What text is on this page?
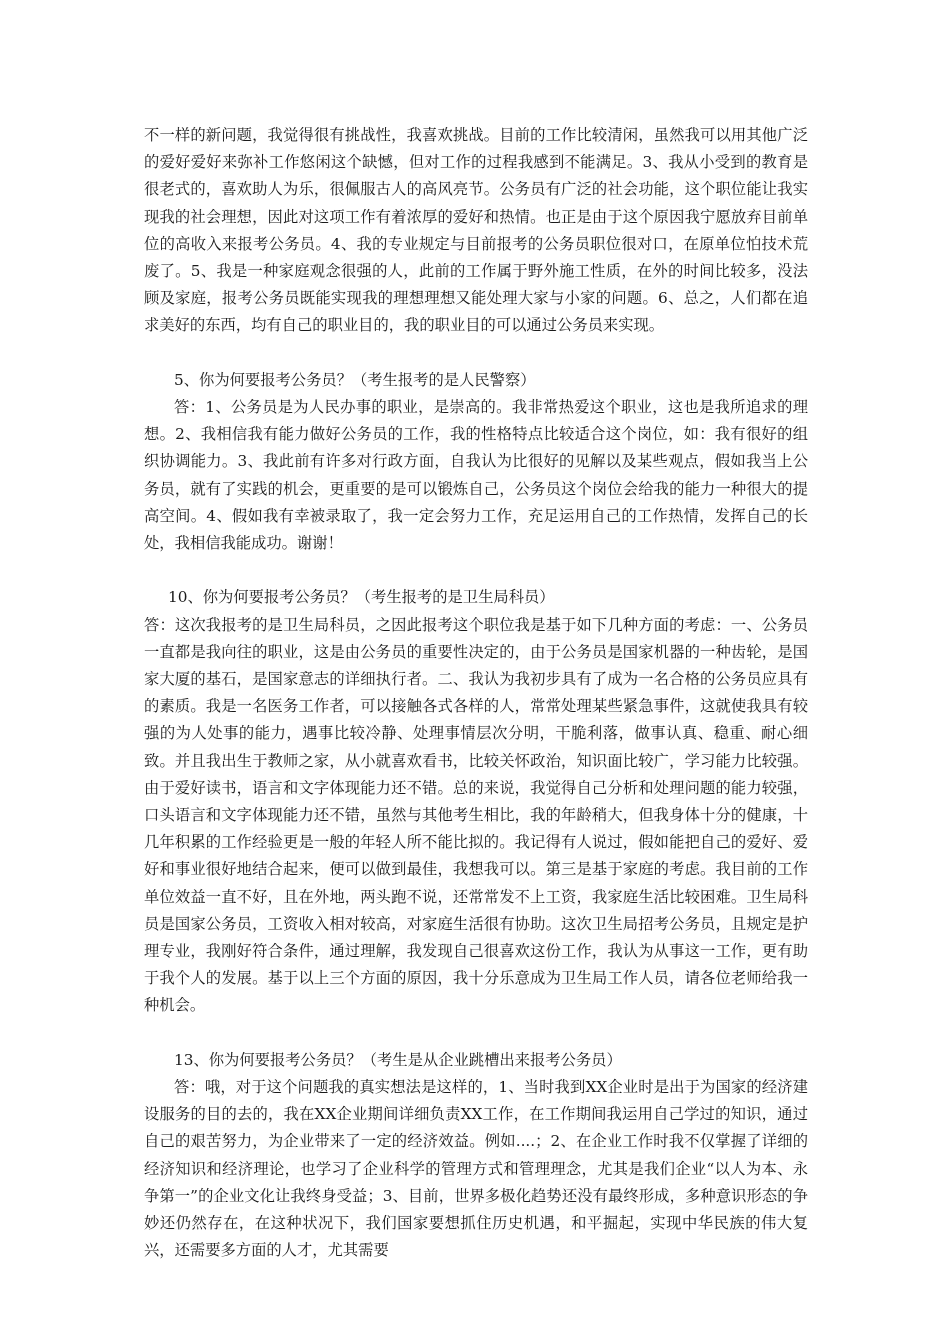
不一样的新问题，我觉得很有挑战性，我喜欢挑战。目前的工作比较清闲，虽然我可以用其他广泛的爱好爱好来弥补工作悠闲这个缺憾，但对工作的过程我感到不能满足。3、我从小受到的教育是很老式的，喜欢助人为乐，很佩服古人的高风亮节。公务员有广泛的社会功能，这个职位能让我实现我的社会理想，因此对这项工作有着浓厚的爱好和热情。也正是由于这个原因我宁愿放弃目前单位的高收入来报考公务员。4、我的专业规定与目前报考的公务员职位很对口，在原单位怕技术荒废了。5、我是一种家庭观念很强的人，此前的工作属于野外施工性质，在外的时间比较多，没法顾及家庭，报考公务员既能实现我的理想理想又能处理大家与小家的问题。6、总之，人们都在追求美好的东西，均有自己的职业目的，我的职业目的可以通过公务员来实现。

5、你为何要报考公务员？（考生报考的是人民警察）

答：1、公务员是为人民办事的职业，是崇高的。我非常热爱这个职业，这也是我所追求的理想。2、我相信我有能力做好公务员的工作，我的性格特点比较适合这个岗位，如：我有很好的组织协调能力。3、我此前有许多对行政方面，自我认为比很好的见解以及某些观点，假如我当上公务员，就有了实践的机会，更重要的是可以锻炼自己，公务员这个岗位会给我的能力一种很大的提高空间。4、假如我有幸被录取了，我一定会努力工作，充足运用自己的工作热情，发挥自己的长处，我相信我能成功。谢谢！

10、你为何要报考公务员？（考生报考的是卫生局科员）

答：这次我报考的是卫生局科员，之因此报考这个职位我是基于如下几种方面的考虑：一、公务员一直都是我向往的职业，这是由公务员的重要性决定的，由于公务员是国家机器的一种齿轮，是国家大厦的基石，是国家意志的详细执行者。二、我认为我初步具有了成为一名合格的公务员应具有的素质。我是一名医务工作者，可以接触各式各样的人，常常处理某些紧急事件，这就使我具有较强的为人处事的能力，遇事比较冷静、处理事情层次分明，干脆利落，做事认真、稳重、耐心细致。并且我出生于教师之家，从小就喜欢看书，比较关怀政治，知识面比较广，学习能力比较强。由于爱好读书，语言和文字体现能力还不错。总的来说，我觉得自己分析和处理问题的能力较强，口头语言和文字体现能力还不错，虽然与其他考生相比，我的年龄稍大，但我身体十分的健康，十几年积累的工作经验更是一般的年轻人所不能比拟的。我记得有人说过，假如能把自己的爱好、爱好和事业很好地结合起来，便可以做到最佳，我想我可以。第三是基于家庭的考虑。我目前的工作单位效益一直不好，且在外地，两头跑不说，还常常发不上工资，我家庭生活比较困难。卫生局科员是国家公务员，工资收入相对较高，对家庭生活很有协助。这次卫生局招考公务员，且规定是护理专业，我刚好符合条件，通过理解，我发现自己很喜欢这份工作，我认为从事这一工作，更有助于我个人的发展。基于以上三个方面的原因，我十分乐意成为卫生局工作人员，请各位老师给我一种机会。

13、你为何要报考公务员？（考生是从企业跳槽出来报考公务员）

答：哦，对于这个问题我的真实想法是这样的，1、当时我到XX企业时是出于为国家的经济建设服务的目的去的，我在XX企业期间详细负责XX工作，在工作期间我运用自己学过的知识，通过自己的艰苦努力，为企业带来了一定的经济效益。例如....；2、在企业工作时我不仅掌握了详细的经济知识和经济理论，也学习了企业科学的管理方式和管理理念，尤其是我们企业“以人为本、永争第一”的企业文化让我终身受益；3、目前，世界多极化趋势还没有最终形成，多种意识形态的争妙还仍然存在，在这种状况下，我们国家要想抓住历史机遇，和平掘起，实现中华民族的伟大复兴，还需要多方面的人才，尤其需要
